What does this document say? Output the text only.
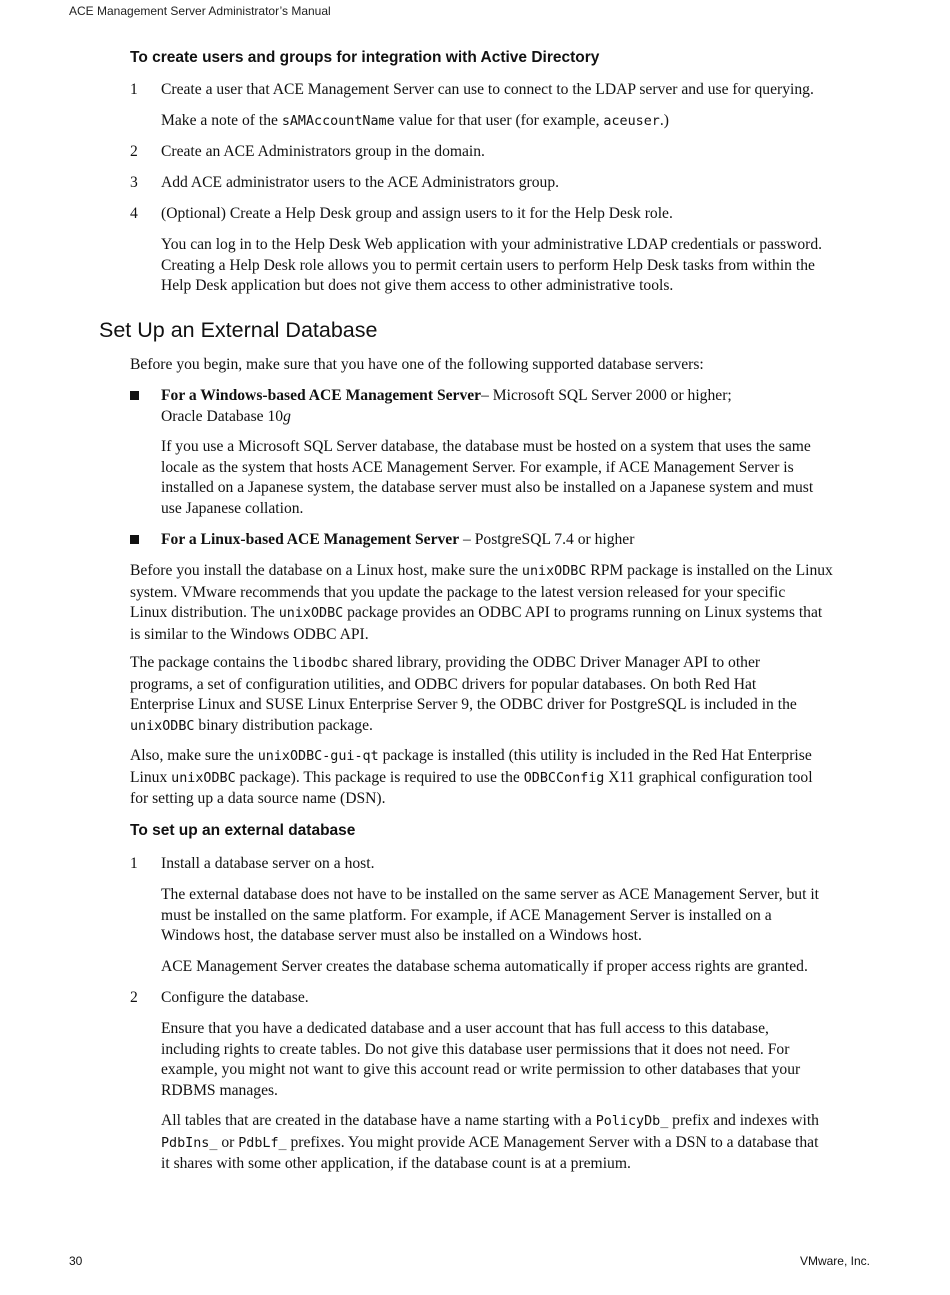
ACE Management Server Administrator’s Manual
To create users and groups for integration with Active Directory
1 Create a user that ACE Management Server can use to connect to the LDAP server and use for querying.
Make a note of the sAMAccountName value for that user (for example, aceuser.)
2 Create an ACE Administrators group in the domain.
3 Add ACE administrator users to the ACE Administrators group.
4 (Optional) Create a Help Desk group and assign users to it for the Help Desk role.
You can log in to the Help Desk Web application with your administrative LDAP credentials or password.
Creating a Help Desk role allows you to permit certain users to perform Help Desk tasks from within the
Help Desk application but does not give them access to other administrative tools.
Set Up an External Database
Before you begin, make sure that you have one of the following supported database servers:
For a Windows-based ACE Management Server– Microsoft SQL Server 2000 or higher;
Oracle Database 10g
If you use a Microsoft SQL Server database, the database must be hosted on a system that uses the same
locale as the system that hosts ACE Management Server. For example, if ACE Management Server is
installed on a Japanese system, the database server must also be installed on a Japanese system and must
use Japanese collation.
For a Linux-based ACE Management Server – PostgreSQL 7.4 or higher
Before you install the database on a Linux host, make sure the unixODBC RPM package is installed on the Linux
system. VMware recommends that you update the package to the latest version released for your specific
Linux distribution. The unixODBC package provides an ODBC API to programs running on Linux systems that
is similar to the Windows ODBC API.
The package contains the libodbc shared library, providing the ODBC Driver Manager API to other
programs, a set of configuration utilities, and ODBC drivers for popular databases. On both Red Hat
Enterprise Linux and SUSE Linux Enterprise Server 9, the ODBC driver for PostgreSQL is included in the
unixODBC binary distribution package.
Also, make sure the unixODBC-gui-qt package is installed (this utility is included in the Red Hat Enterprise
Linux unixODBC package). This package is required to use the ODBCConfig X11 graphical configuration tool
for setting up a data source name (DSN).
To set up an external database
1 Install a database server on a host.
The external database does not have to be installed on the same server as ACE Management Server, but it
must be installed on the same platform. For example, if ACE Management Server is installed on a
Windows host, the database server must also be installed on a Windows host.
ACE Management Server creates the database schema automatically if proper access rights are granted.
2 Configure the database.
Ensure that you have a dedicated database and a user account that has full access to this database,
including rights to create tables. Do not give this database user permissions that it does not need. For
example, you might not want to give this account read or write permission to other databases that your
RDBMS manages.
All tables that are created in the database have a name starting with a PolicyDb_ prefix and indexes with
PdbIns_ or PdbLf_ prefixes. You might provide ACE Management Server with a DSN to a database that
it shares with some other application, if the database count is at a premium.
30	VMware, Inc.
